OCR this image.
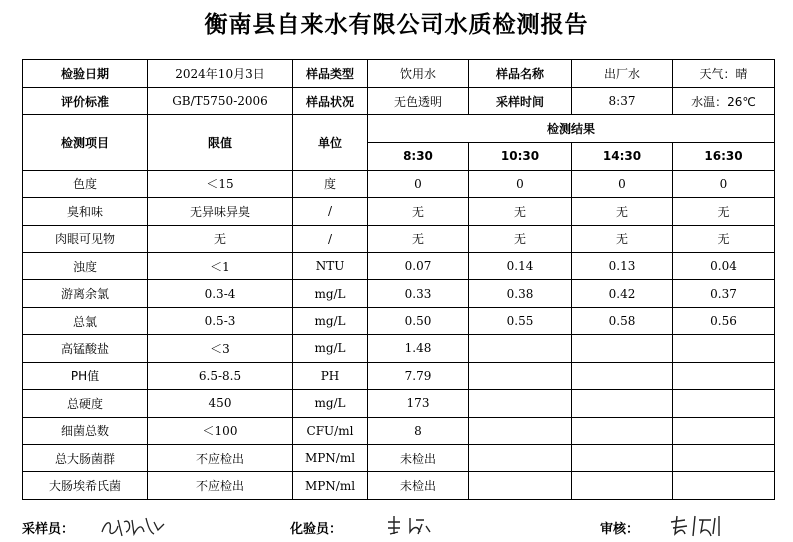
衡南县自来水有限公司水质检测报告
检验日期	2024年10月3日	样品类型	饮用水	样品名称	出厂水	天气：晴
评价标准	GB/T5750-2006	样品状况	无色透明	采样时间	8:37	水温：26℃
检测项目	限值	单位	检测结果			
			8:30	10:30	14:30	16:30
色度	＜15	度	0	0	0	0
臭和味	无异味异臭	/	无	无	无	无
肉眼可见物	无	/	无	无	无	无
浊度	＜1	NTU	0.07	0.14	0.13	0.04
游离余氯	0.3-4	mg/L	0.33	0.38	0.42	0.37
总氯	0.5-3	mg/L	0.50	0.55	0.58	0.56
高锰酸盐	＜3	mg/L	1.48			
PH值	6.5-8.5	PH	7.79			
总硬度	450	mg/L	173			
细菌总数	＜100	CFU/ml	8			
总大肠菌群	不应检出	MPN/ml	未检出			
大肠埃希氏菌	不应检出	MPN/ml	未检出			
采样员：	化验员：	审核：
